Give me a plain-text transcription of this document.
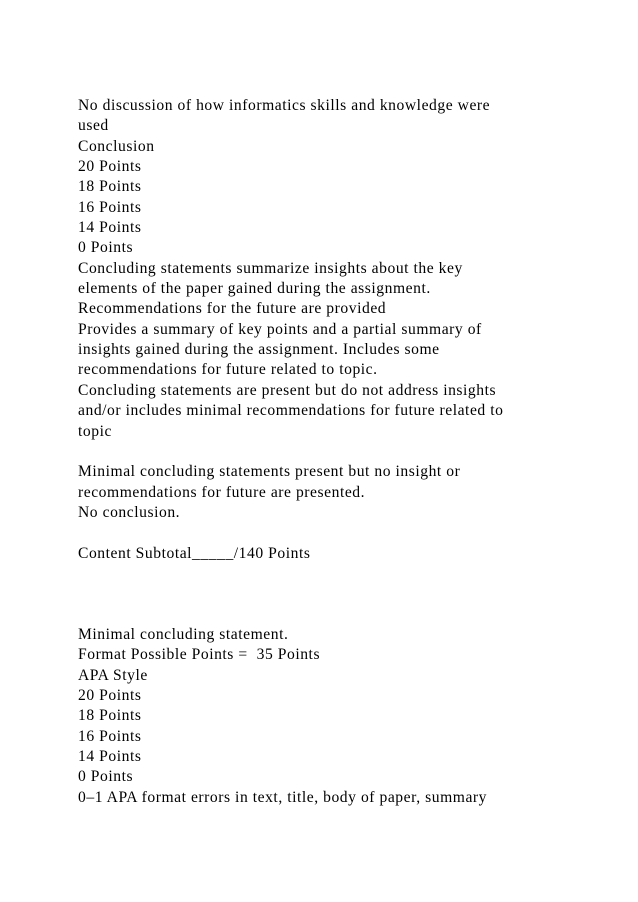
No discussion of how informatics skills and knowledge were
used
Conclusion
20 Points
18 Points
16 Points
14 Points
0 Points
Concluding statements summarize insights about the key
elements of the paper gained during the assignment.
Recommendations for the future are provided
Provides a summary of key points and a partial summary of
insights gained during the assignment. Includes some
recommendations for future related to topic.
Concluding statements are present but do not address insights
and/or includes minimal recommendations for future related to
topic
Minimal concluding statements present but no insight or
recommendations for future are presented.
No conclusion.
Content Subtotal_____/140 Points
Minimal concluding statement.
Format Possible Points =  35 Points
APA Style
20 Points
18 Points
16 Points
14 Points
0 Points
0–1 APA format errors in text, title, body of paper, summary
